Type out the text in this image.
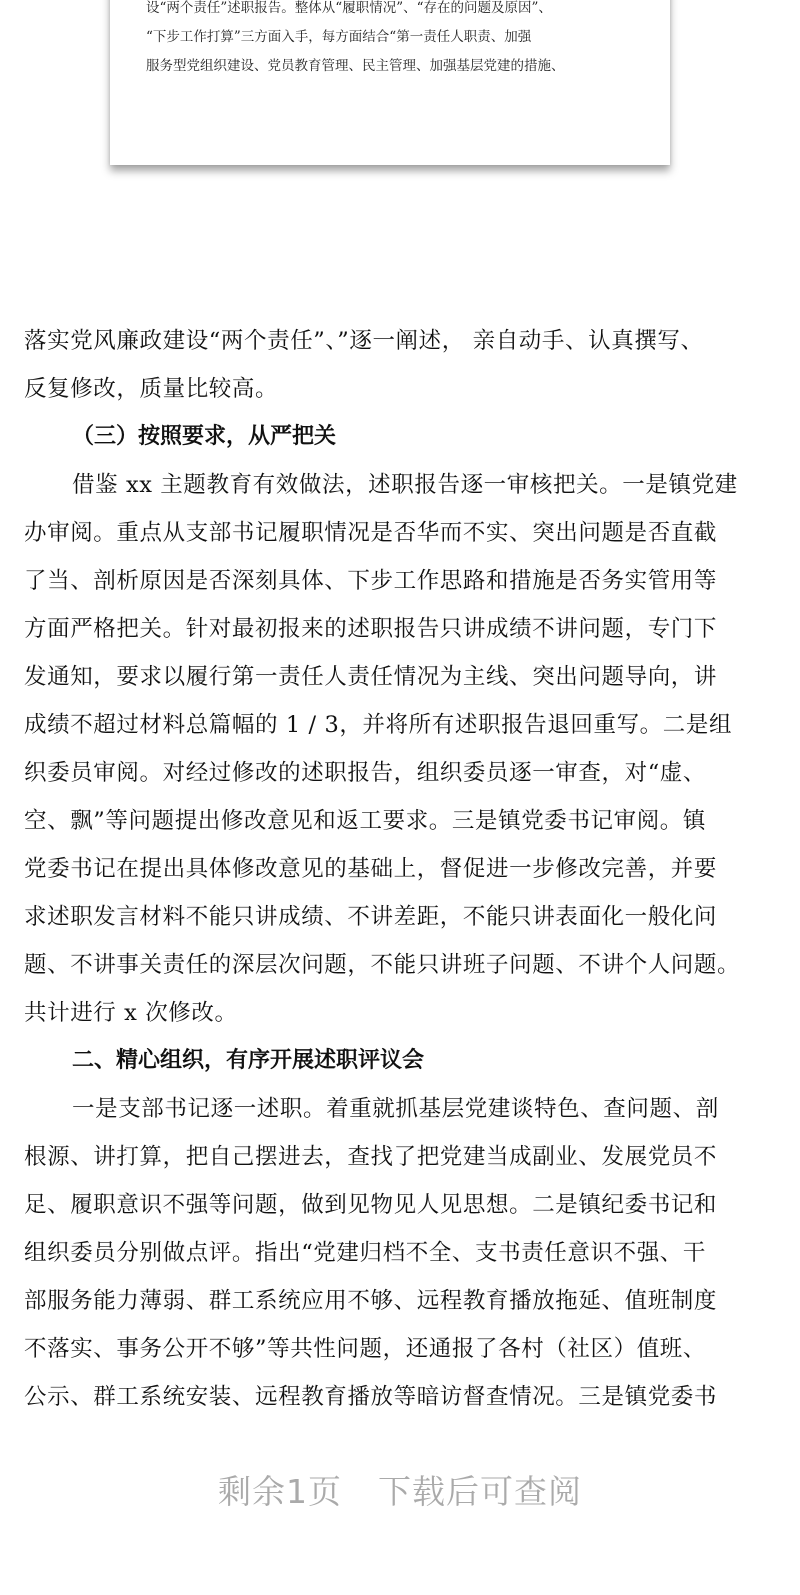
设“两个责任”述职报告。整体从“履职情况”、“存在的问题及原因”、
“下步工作打算”三方面入手，每方面结合“第一责任人职责、加强
服务型党组织建设、党员教育管理、民主管理、加强基层党建的措施、
落实党风廉政建设“两个责任”、”逐一阐述， 亲自动手、认真撰写、
反复修改，质量比较高。
（三）按照要求，从严把关
借鉴 xx 主题教育有效做法，述职报告逐一审核把关。一是镇党建
办审阅。重点从支部书记履职情况是否华而不实、突出问题是否直截
了当、剖析原因是否深刻具体、下步工作思路和措施是否务实管用等
方面严格把关。针对最初报来的述职报告只讲成绩不讲问题，专门下
发通知，要求以履行第一责任人责任情况为主线、突出问题导向，讲
成绩不超过材料总篇幅的 1 / 3，并将所有述职报告退回重写。二是组
织委员审阅。对经过修改的述职报告，组织委员逐一审查，对“虚、
空、飘”等问题提出修改意见和返工要求。三是镇党委书记审阅。镇
党委书记在提出具体修改意见的基础上，督促进一步修改完善，并要
求述职发言材料不能只讲成绩、不讲差距，不能只讲表面化一般化问
题、不讲事关责任的深层次问题，不能只讲班子问题、不讲个人问题。
共计进行 x 次修改。
二、精心组织，有序开展述职评议会
一是支部书记逐一述职。着重就抓基层党建谈特色、查问题、剖
根源、讲打算，把自己摆进去，查找了把党建当成副业、发展党员不
足、履职意识不强等问题，做到见物见人见思想。二是镇纪委书记和
组织委员分别做点评。指出“党建归档不全、支书责任意识不强、干
部服务能力薄弱、群工系统应用不够、远程教育播放拖延、值班制度
不落实、事务公开不够”等共性问题，还通报了各村（社区）值班、
公示、群工系统安装、远程教育播放等暗访督查情况。三是镇党委书
剩余1页 下载后可查阅
